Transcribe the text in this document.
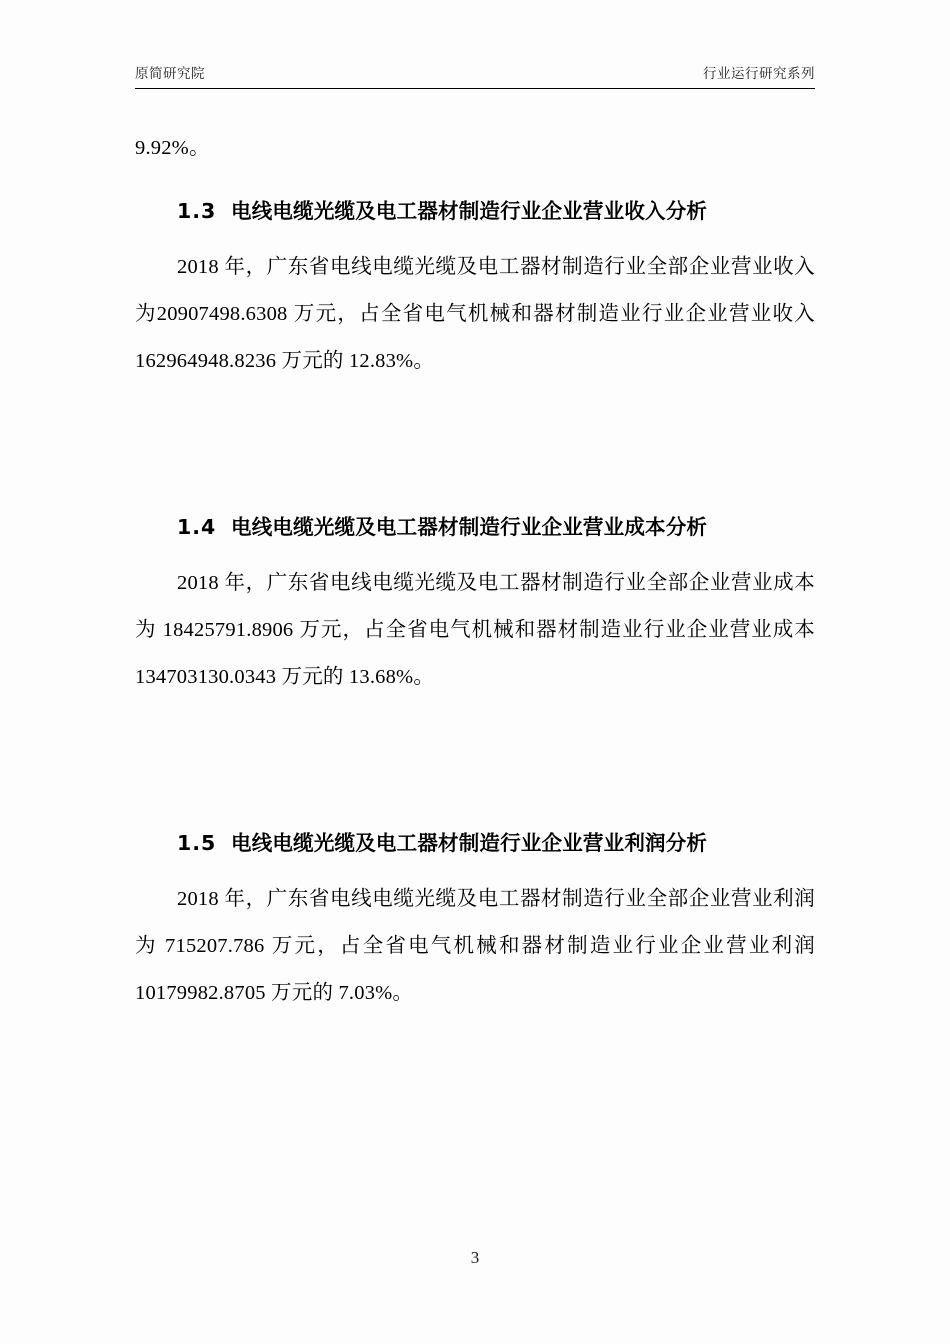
原简研究院	行业运行研究系列

9.92%。

1.3 电线电缆光缆及电工器材制造行业企业营业收入分析

2018 年，广东省电线电缆光缆及电工器材制造行业全部企业营业收入为20907498.6308 万元，占全省电气机械和器材制造业行业企业营业收入 162964948.8236 万元的 12.83%。

1.4 电线电缆光缆及电工器材制造行业企业营业成本分析

2018 年，广东省电线电缆光缆及电工器材制造行业全部企业营业成本为 18425791.8906 万元，占全省电气机械和器材制造业行业企业营业成本 134703130.0343 万元的 13.68%。

1.5 电线电缆光缆及电工器材制造行业企业营业利润分析

2018 年，广东省电线电缆光缆及电工器材制造行业全部企业营业利润为 715207.786 万元，占全省电气机械和器材制造业行业企业营业利润 10179982.8705 万元的 7.03%。

3
